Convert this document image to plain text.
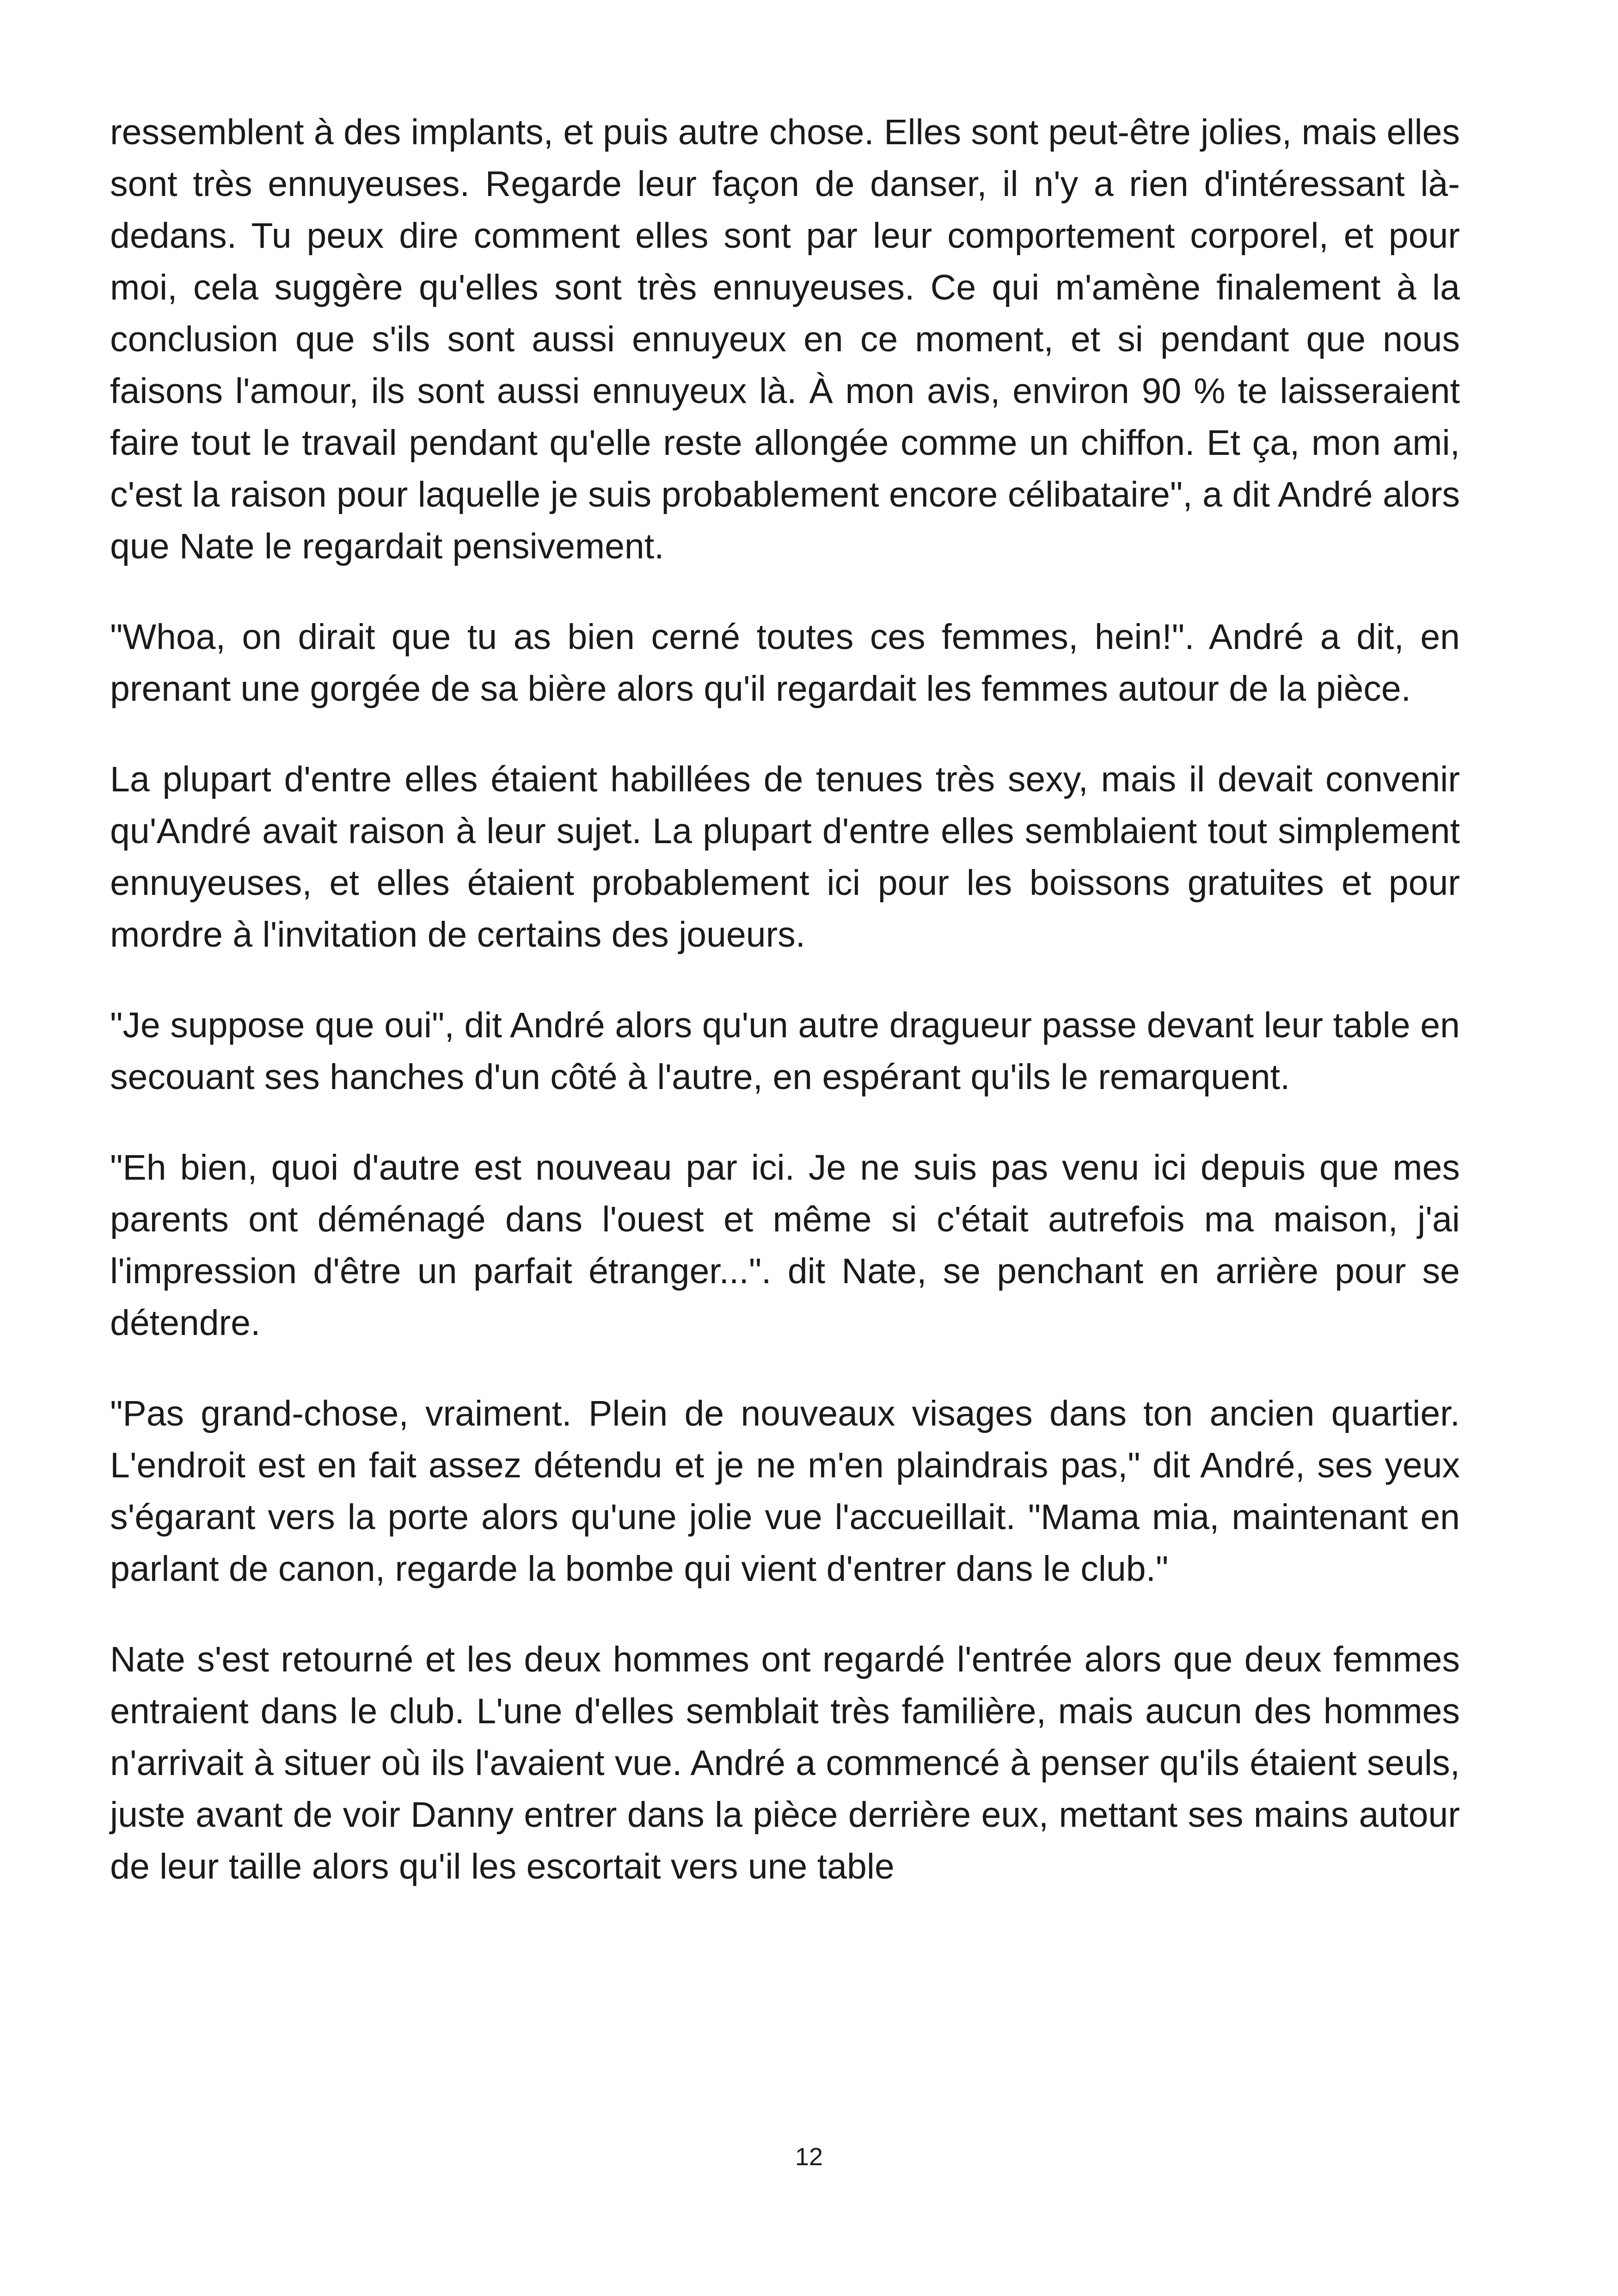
ressemblent à des implants, et puis autre chose. Elles sont peut-être jolies, mais elles sont très ennuyeuses. Regarde leur façon de danser, il n'y a rien d'intéressant là-dedans. Tu peux dire comment elles sont par leur comportement corporel, et pour moi, cela suggère qu'elles sont très ennuyeuses. Ce qui m'amène finalement à la conclusion que s'ils sont aussi ennuyeux en ce moment, et si pendant que nous faisons l'amour, ils sont aussi ennuyeux là. À mon avis, environ 90 % te laisseraient faire tout le travail pendant qu'elle reste allongée comme un chiffon. Et ça, mon ami, c'est la raison pour laquelle je suis probablement encore célibataire", a dit André alors que Nate le regardait pensivement.

"Whoa, on dirait que tu as bien cerné toutes ces femmes, hein!". André a dit, en prenant une gorgée de sa bière alors qu'il regardait les femmes autour de la pièce.

La plupart d'entre elles étaient habillées de tenues très sexy, mais il devait convenir qu'André avait raison à leur sujet. La plupart d'entre elles semblaient tout simplement ennuyeuses, et elles étaient probablement ici pour les boissons gratuites et pour mordre à l'invitation de certains des joueurs.

"Je suppose que oui", dit André alors qu'un autre dragueur passe devant leur table en secouant ses hanches d'un côté à l'autre, en espérant qu'ils le remarquent.

"Eh bien, quoi d'autre est nouveau par ici. Je ne suis pas venu ici depuis que mes parents ont déménagé dans l'ouest et même si c'était autrefois ma maison, j'ai l'impression d'être un parfait étranger...". dit Nate, se penchant en arrière pour se détendre.

"Pas grand-chose, vraiment. Plein de nouveaux visages dans ton ancien quartier. L'endroit est en fait assez détendu et je ne m'en plaindrais pas," dit André, ses yeux s'égarant vers la porte alors qu'une jolie vue l'accueillait. "Mama mia, maintenant en parlant de canon, regarde la bombe qui vient d'entrer dans le club."

Nate s'est retourné et les deux hommes ont regardé l'entrée alors que deux femmes entraient dans le club. L'une d'elles semblait très familière, mais aucun des hommes n'arrivait à situer où ils l'avaient vue. André a commencé à penser qu'ils étaient seuls, juste avant de voir Danny entrer dans la pièce derrière eux, mettant ses mains autour de leur taille alors qu'il les escortait vers une table

12
